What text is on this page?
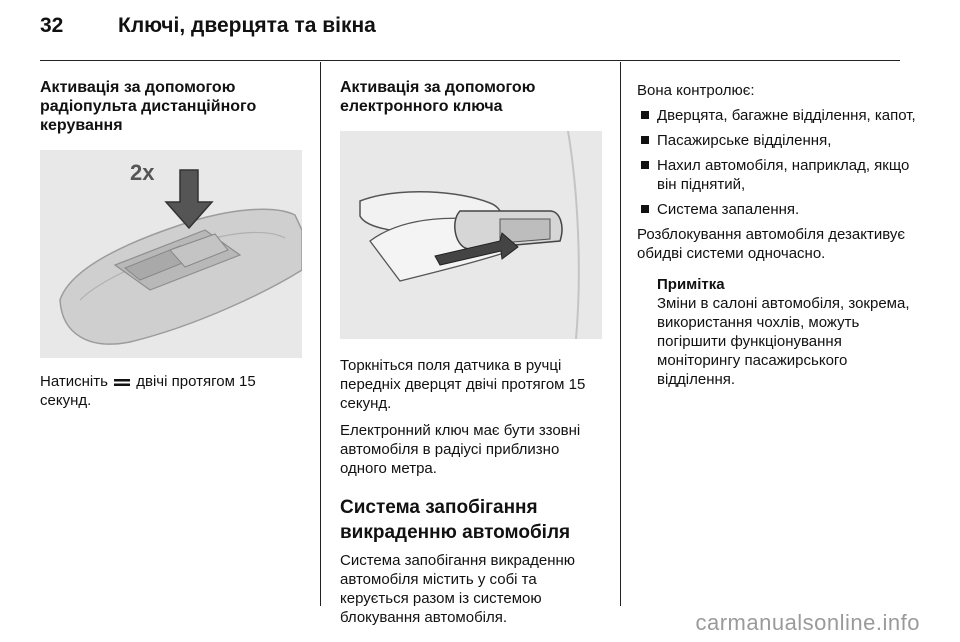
32	Ключі, дверцята та вікна
Активація за допомогою радіопульта дистанційного керування
2x

Натисніть двічі протягом 15 секунд.

Активація за допомогою електронного ключа

Торкніться поля датчика в ручці передніх дверцят двічі протягом 15 секунд.

Електронний ключ має бути ззовні автомобіля в радіусі приблизно одного метра.

Система запобігання викраденню автомобіля

Система запобігання викраденню автомобіля містить у собі та керується разом із системою блокування автомобіля.

Вона контролює:

Дверцята, багажне відділення, капот,
Пасажирське відділення,
Нахил автомобіля, наприклад, якщо він піднятий,
Система запалення.

Розблокування автомобіля дезактивує обидві системи одночасно.

Примітка

Зміни в салоні автомобіля, зокрема, використання чохлів, можуть погіршити функціонування моніторингу пасажирського відділення.

carmanualsonline.info
